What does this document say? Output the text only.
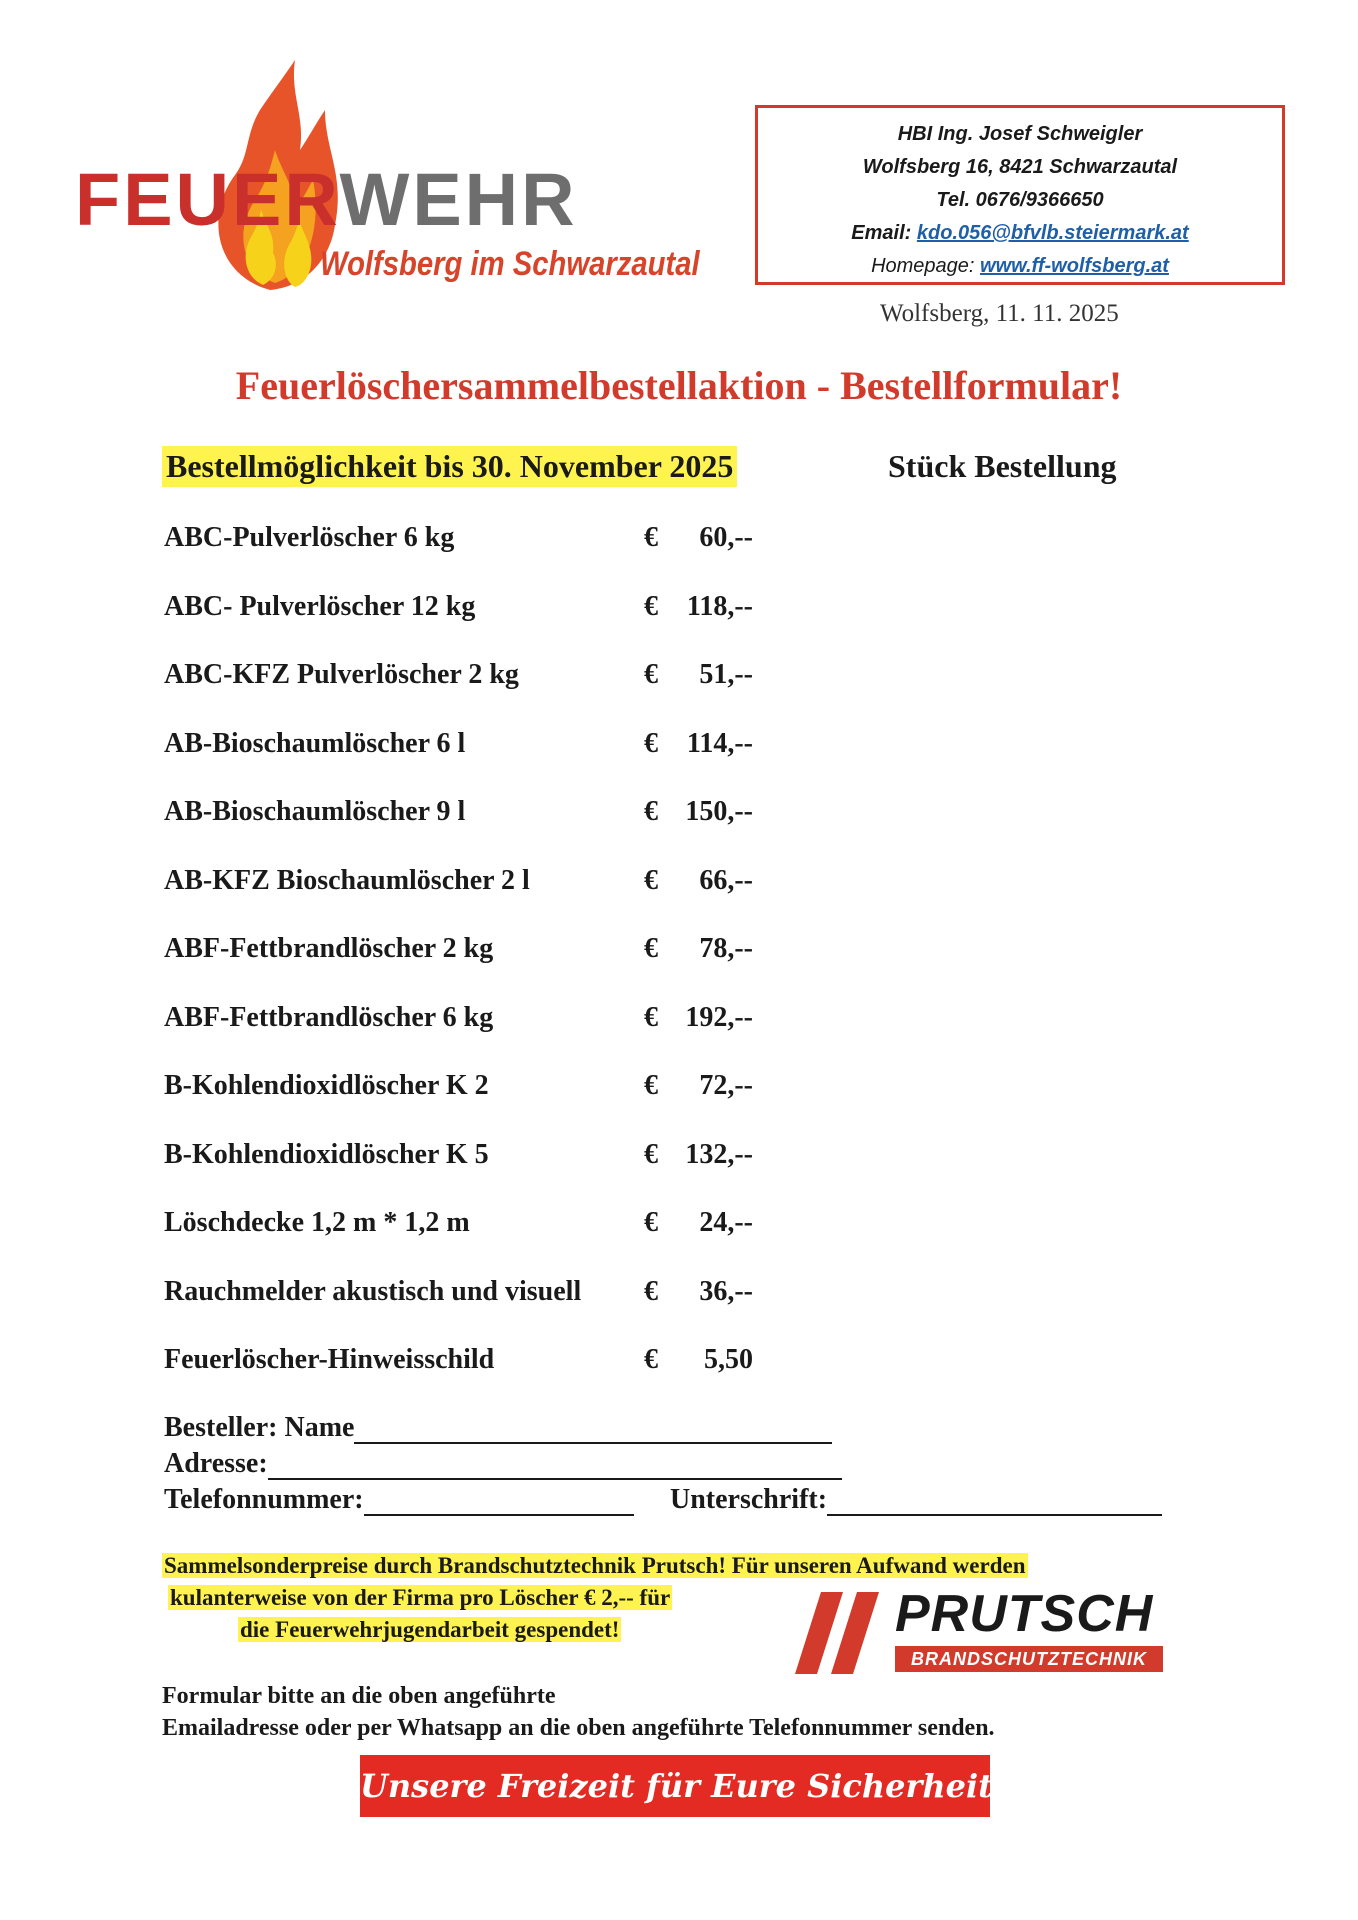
FEUERWEHR
Wolfsberg im Schwarzautal
HBI Ing. Josef Schweigler
Wolfsberg 16, 8421 Schwarzautal
Tel. 0676/9366650
Email: kdo.056@bfvlb.steiermark.at
Homepage: www.ff-wolfsberg.at
Wolfsberg, 11. 11. 2025
Feuerlöschersammelbestellaktion - Bestellformular!
Bestellmöglichkeit bis 30. November 2025	Stück Bestellung
ABC-Pulverlöscher 6 kg	€	60,--
ABC- Pulverlöscher 12 kg	€	118,--
ABC-KFZ Pulverlöscher 2 kg	€	51,--
AB-Bioschaumlöscher 6 l	€	114,--
AB-Bioschaumlöscher 9 l	€ 150,--
AB-KFZ Bioschaumlöscher 2 l	€	66,--
ABF-Fettbrandlöscher 2 kg	€	78,--
ABF-Fettbrandlöscher 6 kg	€ 192,--
B-Kohlendioxidlöscher K 2	€	72,--
B-Kohlendioxidlöscher K 5	€ 132,--
Löschdecke 1,2 m * 1,2 m	€	24,--
Rauchmelder akustisch und visuell €	36,--
Feuerlöscher-Hinweisschild	€	5,50
Besteller: Name
Adresse:
Telefonnummer:	Unterschrift:
Sammelsonderpreise durch Brandschutztechnik Prutsch! Für unseren Aufwand werden
kulanterweise von der Firma pro Löscher € 2,-- für
die Feuerwehrjugendarbeit gespendet!	PRUTSCH
BRANDSCHUTZTECHNIK
Formular bitte an die oben angeführte
Emailadresse oder per Whatsapp an die oben angeführte Telefonnummer senden.
Unsere Freizeit für Eure Sicherheit!
